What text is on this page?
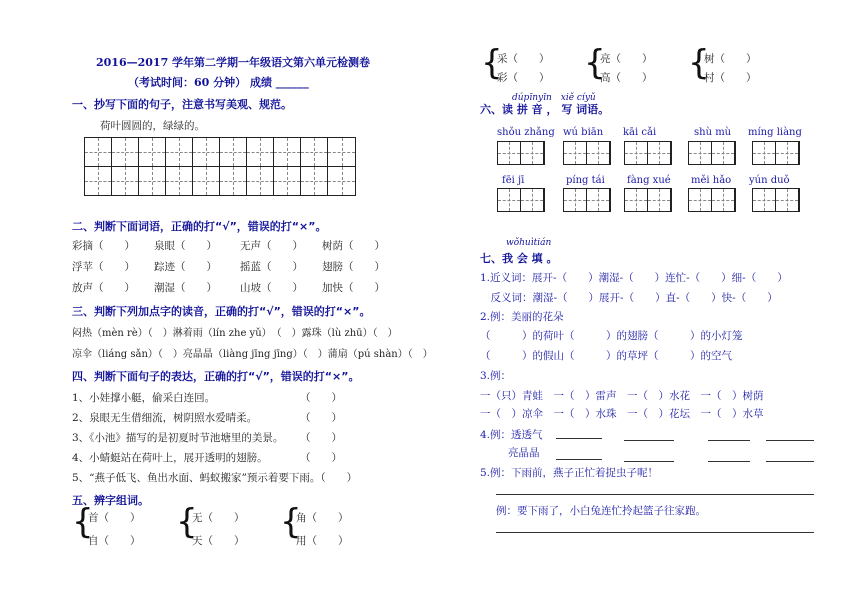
2016—2017 学年第二学期一年级语文第六单元检测卷
（考试时间：60 分钟） 成绩 ______
一、抄写下面的句子，注意书写美观、规范。
荷叶圆圆的，绿绿的。
二、判断下面词语，正确的打“√”，错误的打“×”。
彩摘（　　） 泉眼（　　） 无声（　　） 树荫（　　）
浮苹（　　） 踪迹（　　） 摇蓝（　　） 翅膀（　　）
放声（　　） 潮湿（　　） 山坡（　　） 加快（　　）
三、判断下列加点字的读音，正确的打“√”，错误的打“×”。
闷热（mèn rè）（　）淋着雨（lín zhe yǔ）　（　）露珠（lù zhū）（　）
凉伞（liáng sǎn）（　）亮晶晶（liàng jīng jīng）（　）蒲扇（pú shàn）（　）
四、判断下面句子的表达，正确的打“√”，错误的打“×”。
1、小娃撑小艇，偷采白连回。	（　　）
2、泉眼无生借细流，树阴照水爱晴柔。	（　　）
3、《小池》描写的是初夏时节池塘里的美景。 （　　）
4、小蜻蜓站在荷叶上，展开透明的翅膀。	（　　）
5、“燕子低飞、鱼出水面、蚂蚁搬家”预示着要下雨。（　　）
五、辨字组词。
{
首（　　）
自（　　） {
无（　　）
天（　　） {
角（　　）
用（　　）
{
采（　　）
彩（　　） {
亮（　　）
高（　　） {
树（　　）
村（　　）
dúpīnyīn　xiě cíyǔ
六、读 拼 音 ， 写 词语。
shǒu zhǎng wú biān kāi cǎi	shù mù míng liàng
fēi jī	píng tái fàng xué měi hǎo yún duǒ
wǒhuìtián
七、我 会 填 。
1.近义词：展开-（　　）潮湿-（　　）连忙-（　　）细-（　　）
　反义词：潮湿-（　　）展开-（　　）直-（　　）快-（　　）
2.例：美丽的花朵
（　　　）的荷叶（　　　）的翅膀（　　　）的小灯笼
（　　　）的假山（　　　）的草坪（　　　）的空气
3.例：
一（只）青蛙　一（　）雷声　一（　）水花　一（　）树荫
一（　）凉伞　一（　）水珠　一（　）花坛　一（　）水草
4.例：透透气
亮晶晶
5.例：下雨前，燕子正忙着捉虫子呢！
例：要下雨了，小白兔连忙拎起篮子往家跑。
